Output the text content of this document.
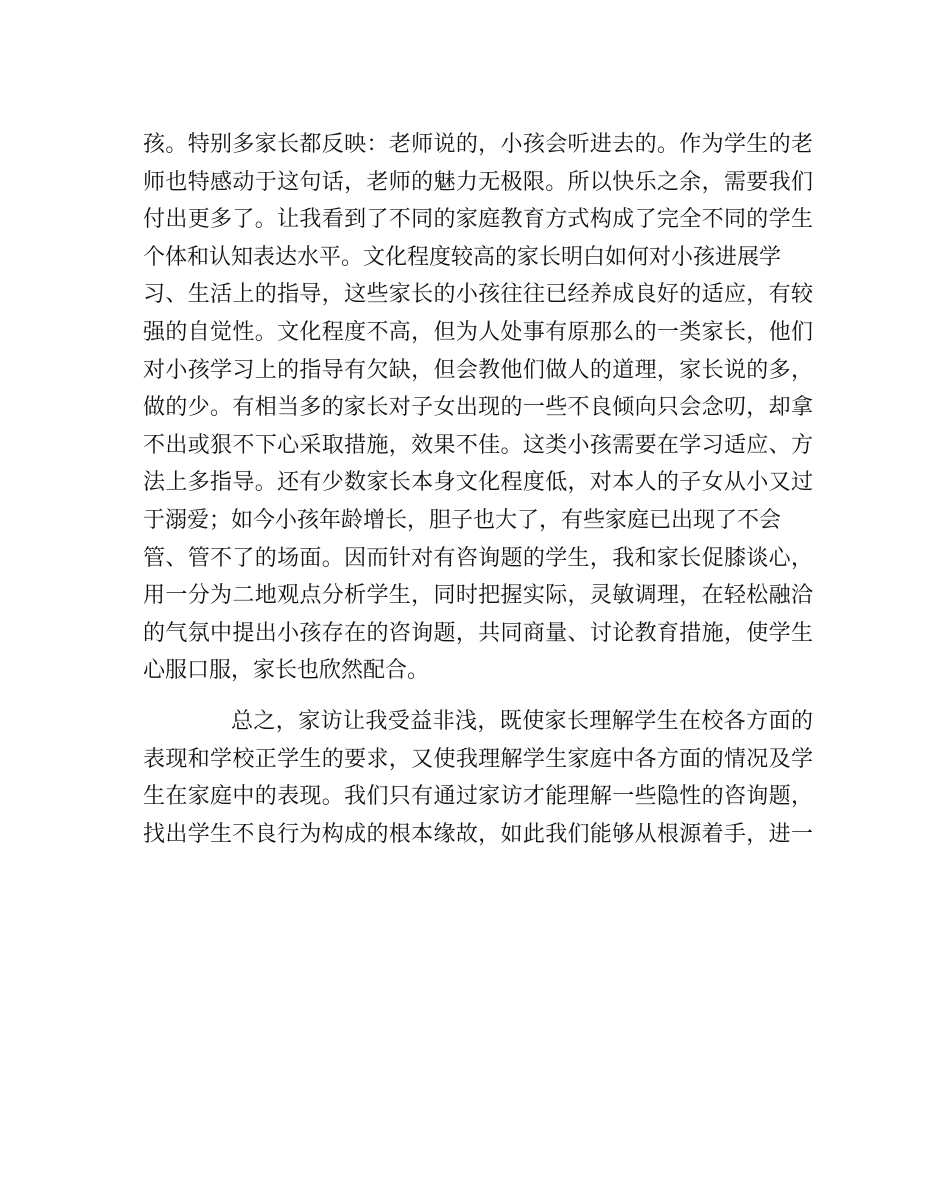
孩。特别多家长都反映：老师说的，小孩会听进去的。作为学生的老
师也特感动于这句话，老师的魅力无极限。所以快乐之余，需要我们
付出更多了。让我看到了不同的家庭教育方式构成了完全不同的学生
个体和认知表达水平。文化程度较高的家长明白如何对小孩进展学
习、生活上的指导，这些家长的小孩往往已经养成良好的适应，有较
强的自觉性。文化程度不高，但为人处事有原那么的一类家长，他们
对小孩学习上的指导有欠缺，但会教他们做人的道理，家长说的多，
做的少。有相当多的家长对子女出现的一些不良倾向只会念叨，却拿
不出或狠不下心采取措施，效果不佳。这类小孩需要在学习适应、方
法上多指导。还有少数家长本身文化程度低，对本人的子女从小又过
于溺爱；如今小孩年龄增长，胆子也大了，有些家庭已出现了不会
管、管不了的场面。因而针对有咨询题的学生，我和家长促膝谈心，
用一分为二地观点分析学生，同时把握实际，灵敏调理，在轻松融洽
的气氛中提出小孩存在的咨询题，共同商量、讨论教育措施，使学生
心服口服，家长也欣然配合。
总之，家访让我受益非浅，既使家长理解学生在校各方面的
表现和学校正学生的要求，又使我理解学生家庭中各方面的情况及学
生在家庭中的表现。我们只有通过家访才能理解一些隐性的咨询题，
找出学生不良行为构成的根本缘故，如此我们能够从根源着手，进一
